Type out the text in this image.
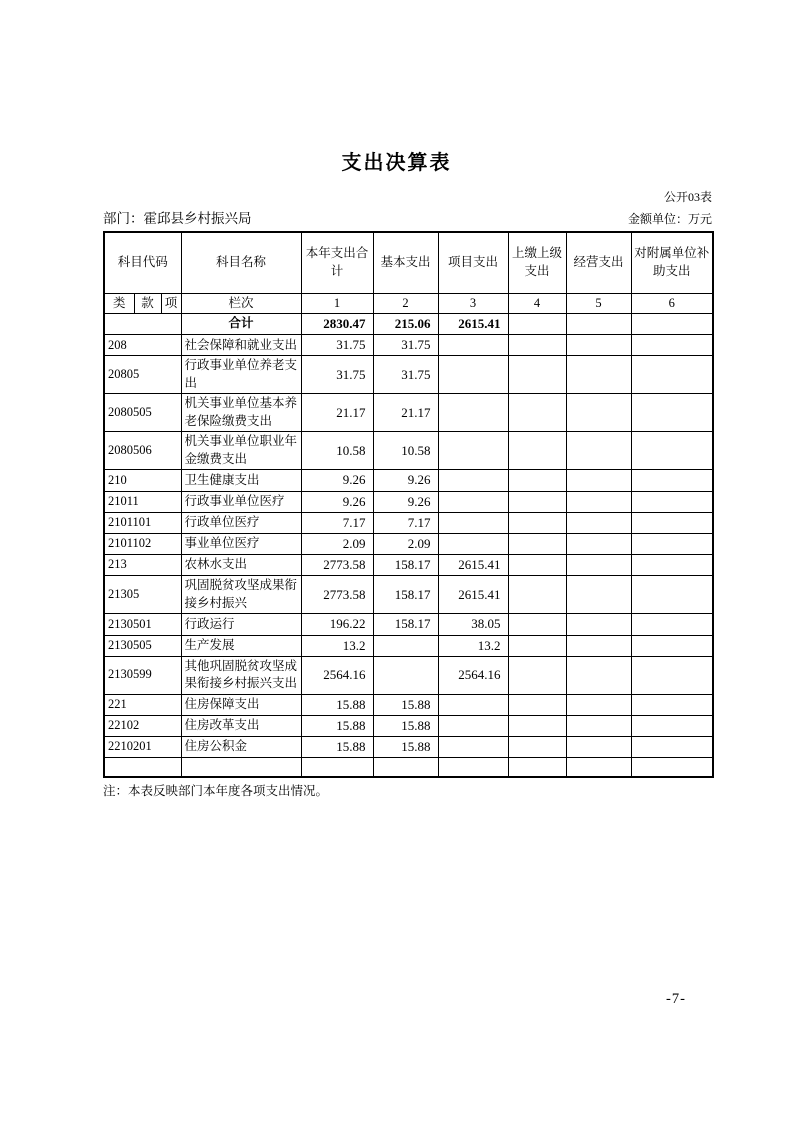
支出决算表
公开03表
部门：霍邱县乡村振兴局	金额单位：万元
科目代码			科目名称	本年支出合计	基本支出	项目支出	上缴上级支出	经营支出	对附属单位补助支出
类	款	项	栏次	1	2	3	4	5	6
			合计	2830.47	215.06	2615.41			
208			社会保障和就业支出	31.75	31.75				
20805			行政事业单位养老支出	31.75	31.75				
2080505			机关事业单位基本养老保险缴费支出	21.17	21.17				
2080506			机关事业单位职业年金缴费支出	10.58	10.58				
210			卫生健康支出	9.26	9.26				
21011			行政事业单位医疗	9.26	9.26				
2101101			行政单位医疗	7.17	7.17				
2101102			事业单位医疗	2.09	2.09				
213			农林水支出	2773.58	158.17	2615.41			
21305			巩固脱贫攻坚成果衔接乡村振兴	2773.58	158.17	2615.41			
2130501			行政运行	196.22	158.17	38.05			
2130505			生产发展	13.2		13.2			
2130599			其他巩固脱贫攻坚成果衔接乡村振兴支出	2564.16		2564.16			
221			住房保障支出	15.88	15.88				
22102			住房改革支出	15.88	15.88				
2210201			住房公积金	15.88	15.88				

注：本表反映部门本年度各项支出情况。
-7-
